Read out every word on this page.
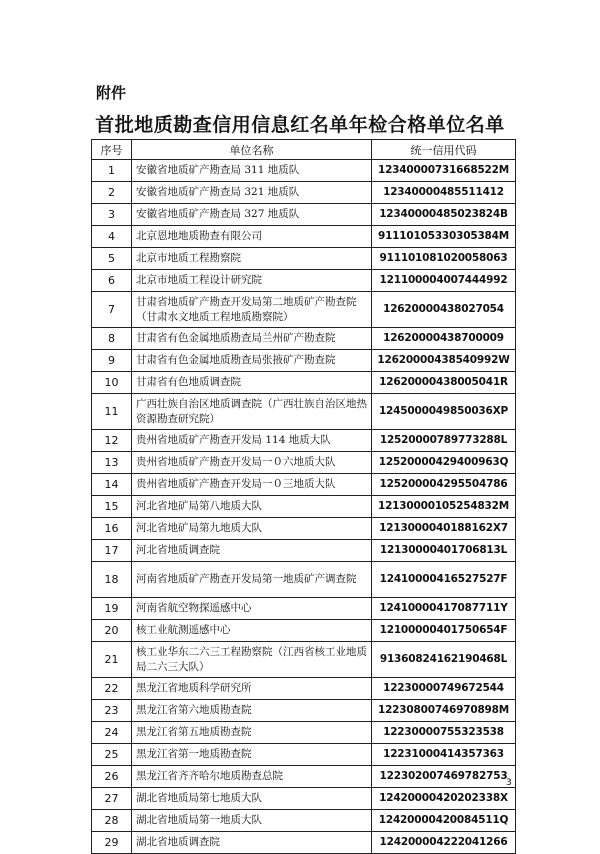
附件
首批地质勘查信用信息红名单年检合格单位名单
序号	单位名称	统一信用代码
1	安徽省地质矿产勘查局 311 地质队	12340000731668522M
2	安徽省地质矿产勘查局 321 地质队	12340000485511412
3	安徽省地质矿产勘查局 327 地质队	12340000485023824B
4	北京恩地地质勘查有限公司	91110105330305384M
5	北京市地质工程勘察院	911101081020058063
6	北京市地质工程设计研究院	121100004007444992
7	甘肃省地质矿产勘查开发局第二地质矿产勘查院（甘肃水文地质工程地质勘察院）	12620000438027054
8	甘肃省有色金属地质勘查局兰州矿产勘查院	12620000438700009
9	甘肃省有色金属地质勘查局张掖矿产勘查院	12620000438540992W
10	甘肃省有色地质调查院	12620000438005041R
11	广西壮族自治区地质调查院（广西壮族自治区地热资源勘查研究院）	1245000049850036XP
12	贵州省地质矿产勘查开发局 114 地质大队	12520000789773288L
13	贵州省地质矿产勘查开发局一０六地质大队	12520000429400963Q
14	贵州省地质矿产勘查开发局一０三地质大队	125200004295504786
15	河北省地矿局第八地质大队	12130000105254832M
16	河北省地矿局第九地质大队	1213000040188162X7
17	河北省地质调查院	12130000401706813L
18	河南省地质矿产勘查开发局第一地质矿产调查院	12410000416527527F
19	河南省航空物探遥感中心	12410000417087711Y
20	核工业航测遥感中心	12100000401750654F
21	核工业华东二六三工程勘察院（江西省核工业地质局二六三大队）	91360824162190468L
22	黑龙江省地质科学研究所	12230000749672544
23	黑龙江省第六地质勘查院	12230800746970898M
24	黑龙江省第五地质勘查院	12230000755323538
25	黑龙江省第一地质勘查院	12231000414357363
26	黑龙江省齐齐哈尔地质勘查总院	122302007469782753
27	湖北省地质局第七地质大队	12420000420202338X
28	湖北省地质局第一地质大队	12420000420084511Q
29	湖北省地质调查院	124200004222041266
3
